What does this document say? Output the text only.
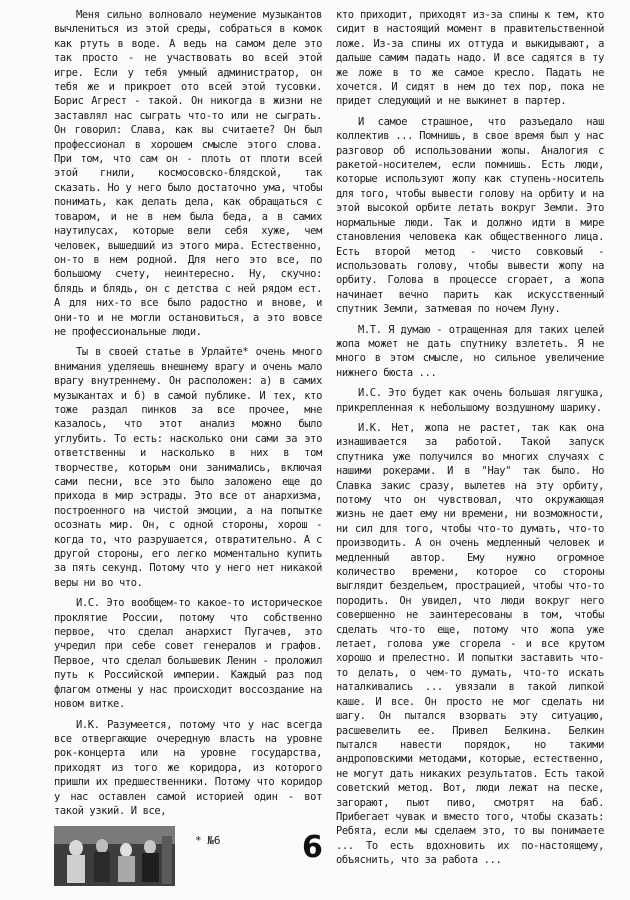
Меня сильно волновало неумение музыкантов вычлениться из этой среды, собраться в комок как ртуть в воде. А ведь на самом деле это так просто - не участвовать во всей этой игре. Если у тебя умный администратор, он тебя же и прикроет ото всей этой тусовки. Борис Агрест - такой. Он никогда в жизни не заставлял нас сыграть что-то или не сыграть. Он говорил: Слава, как вы считаете? Он был профессионал в хорошем смысле этого слова. При том, что сам он - плоть от плоти всей этой гнили, космосовско-блядской, так сказать. Но у него было достаточно ума, чтобы понимать, как делать дела, как обращаться с товаром, и не в нем была беда, а в самих наутилусах, которые вели себя хуже, чем человек, вышедший из этого мира. Естественно, он-то в нем родной. Для него это все, по большому счету, неинтересно. Ну, скучно: блядь и блядь, он с детства с ней рядом ест. А для них-то все было радостно и внове, и они-то и не могли остановиться, а это вовсе не профессиональные люди.

Ты в своей статье в Урлайте* очень много внимания уделяешь внешнему врагу и очень мало врагу внутреннему. Он расположен: а) в самих музыкантах и б) в самой публике. И тех, кто тоже раздал пинков за все прочее, мне казалось, что этот анализ можно было углубить. То есть: насколько они сами за это ответственны и насколько в них в том творчестве, которым они занимались, включая сами песни, все это было заложено еще до прихода в мир эстрады. Это все от анархизма, построенного на чистой эмоции, а на попытке осознать мир. Он, с одной стороны, хорош - когда то, что разрушается, отвратительно. А с другой стороны, его легко моментально купить за пять секунд. Потому что у него нет никакой веры ни во что.

И.С. Это вообщем-то какое-то историческое проклятие России, потому что собственно первое, что сделал анархист Пугачев, это учредил при себе совет генералов и графов. Первое, что сделал большевик Ленин - проложил путь к Российской империи. Каждый раз под флагом отмены у нас происходит воссоздание на новом витке.

И.К. Разумеется, потому что у нас всегда все отвергающие очередную власть на уровне рок-концерта или на уровне государства, приходят из того же коридора, из которого пришли их предшественники. Потому что коридор у нас оставлен самой историей один - вот такой узкий. И все,

* №6

кто приходит, приходят из-за спины к тем, кто сидит в настоящий момент в правительственной ложе. Из-за спины их оттуда и выкидывают, а дальше самим падать надо. И все садятся в ту же ложе в то же самое кресло. Падать не хочется. И сидят в нем до тех пор, пока не придет следующий и не выкинет в партер.

И самое страшное, что разъедало наш коллектив ... Помнишь, в свое время был у нас разговор об использовании жопы. Аналогия с ракетой-носителем, если помнишь. Есть люди, которые используют жопу как ступень-носитель для того, чтобы вывести голову на орбиту и на этой высокой орбите летать вокруг Земли. Это нормальные люди. Так и должно идти в мире становления человека как общественного лица. Есть второй метод - чисто совковый - использовать голову, чтобы вывести жопу на орбиту. Голова в процессе сгорает, а жопа начинает вечно парить как искусственный спутник Земли, затмевая по ночем Луну.

М.Т. Я думаю - отращенная для таких целей жопа может не дать спутнику взлететь. Я не много в этом смысле, но сильное увеличение нижнего бюста ...

И.С. Это будет как очень большая лягушка, прикрепленная к небольшому воздушному шарику.

И.К. Нет, жопа не растет, так как она изнашивается за работой. Такой запуск спутника уже получился во многих случаях с нашими рокерами. И в "Нау" так было. Но Славка закис сразу, вылетев на эту орбиту, потому что он чувствовал, что окружающая жизнь не дает ему ни времени, ни возможности, ни сил для того, чтобы что-то думать, что-то производить. А он очень медленный человек и медленный автор. Ему нужно огромное количество времени, которое со стороны выглядит бездельем, прострацией, чтобы что-то породить. Он увидел, что люди вокруг него совершенно не заинтересованы в том, чтобы сделать что-то еще, потому что жопа уже летает, голова уже сгорела - и все крутом хорошо и прелестно. И попытки заставить что-то делать, о чем-то думать, что-то искать наталкивались ... увязали в такой липкой каше. И все. Он просто не мог сделать ни шагу. Он пытался взорвать эту ситуацию, расшевелить ее. Привел Белкина. Белкин пытался навести порядок, но такими андроповскими методами, которые, естественно, не могут дать никаких результатов. Есть такой советский метод. Вот, люди лежат на песке, загорают, пьют пиво, смотрят на баб. Прибегает чувак и вместо того, чтобы сказать: Ребята, если мы сделаем это, то вы понимаете ... То есть вдохновить их по-настоящему, объяснить, что за работа ...

6
